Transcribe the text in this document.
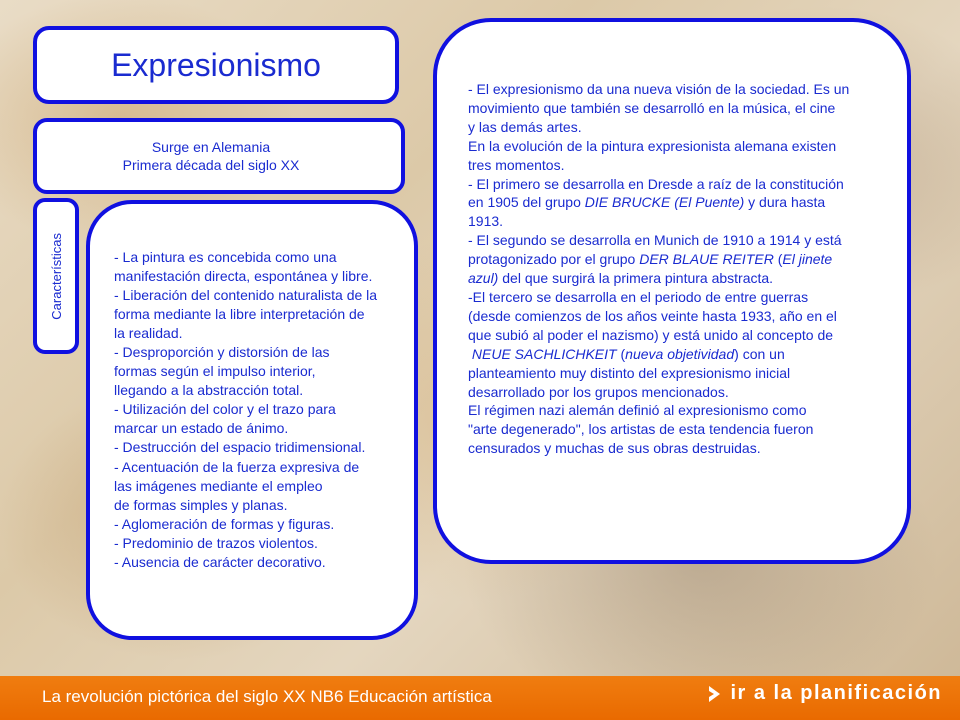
Expresionismo
Surge en Alemania
Primera década del siglo XX
Características	- La pintura es concebida como una
manifestación directa, espontánea y libre.
- Liberación del contenido naturalista de la
forma mediante la libre interpretación de
la realidad.
- Desproporción y distorsión de las
formas según el impulso interior,
llegando a la abstracción total.
- Utilización del color y el trazo para
marcar un estado de ánimo.
- Destrucción del espacio tridimensional.
- Acentuación de la fuerza expresiva de
las imágenes mediante el empleo
de formas simples y planas.
- Aglomeración de formas y figuras.
- Predominio de trazos violentos.
- Ausencia de carácter decorativo.

- El expresionismo da una nueva visión de la sociedad. Es un

movimiento que también se desarrolló en la música, el cine

y las demás artes.

En la evolución de la pintura expresionista alemana existen

tres momentos.

- El primero se desarrolla en Dresde a raíz de la constitución

en 1905 del grupo DIE BRUCKE (El Puente) y dura hasta

1913.

- El segundo se desarrolla en Munich de 1910 a 1914 y está

protagonizado por el grupo DER BLAUE REITER (El jinete

azul) del que surgirá la primera pintura abstracta.

-El tercero se desarrolla en el periodo de entre guerras

(desde comienzos de los años veinte hasta 1933, año en el

que subió al poder el nazismo) y está unido al concepto de

NEUE SACHLICHKEIT (nueva objetividad) con un

planteamiento muy distinto del expresionismo inicial

desarrollado por los grupos mencionados.

El régimen nazi alemán definió al expresionismo como

"arte degenerado", los artistas de esta tendencia fueron

censurados y muchas de sus obras destruidas.

La revolución pictórica del siglo XX NB6 Educación artística	ir a la planificación
